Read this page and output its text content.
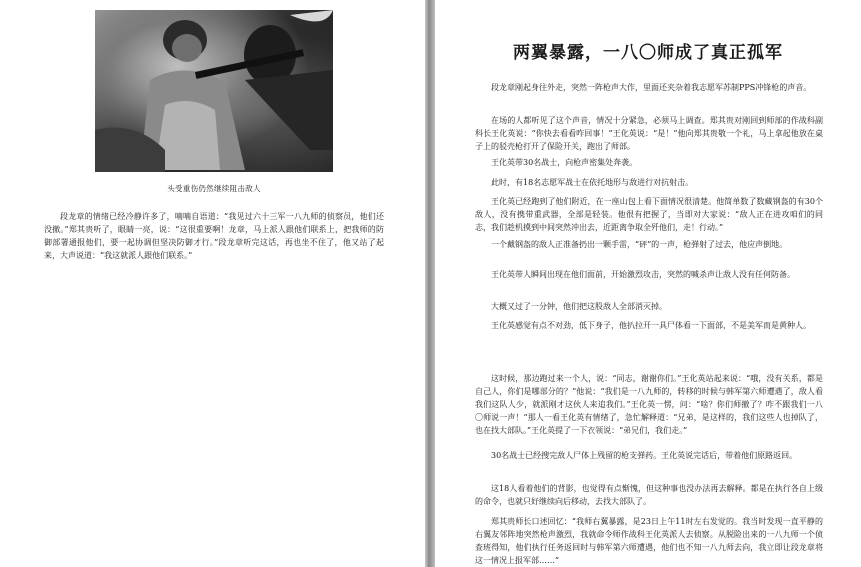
头受重伤仍然继续阻击敌人

段龙章的情绪已经冷静许多了，喃喃自语道：“我见过六十三军一八九师的侦察员，他们还没撤。”郑其贵听了，眼睛一亮，说：“这很重要啊！龙章，马上派人跟他们联系上，把我师的防御部署通报他们，要一起协调但坚决防御才行。”段龙章听完这话，再也坐不住了，他又站了起来，大声说道：“我这就派人跟他们联系。”

两翼暴露，一八〇师成了真正孤军

段龙章刚起身往外走，突然一阵枪声大作，里面还夹杂着我志愿军苏制PPS冲锋枪的声音。

在场的人都听见了这个声音，情况十分紧急，必须马上调查。郑其贵对刚回到师部的作战科副科长王化英说：“你快去看看咋回事！”王化英说：“是！”他向郑其贵敬一个礼，马上拿起他放在桌子上的驳壳枪打开了保险开关，跑出了师部。

王化英带30名战士，向枪声密集处奔袭。

此时，有18名志愿军战士在依托地形与敌进行对抗射击。

王化英已经跑到了他们附近，在一座山包上看下面情况很清楚。他简单数了数藏钢盔的有30个敌人，没有携带重武器，全部是轻装。他很有把握了，当即对大家说：“敌人正在进攻咱们的同志，我们趁机摸到中间突然冲出去，近距离争取全歼他们，走！行动。”

一个戴钢盔的敌人正准备扔出一颗手雷，“砰”的一声，枪弹射了过去，他应声倒地。

王化英带人瞬间出现在他们面前，开始激烈攻击，突然的喊杀声让敌人没有任何防备。

大概又过了一分钟，他们把这股敌人全部消灭掉。

王化英感觉有点不对劲，低下身子，他扒拉开一具尸体看一下面部，不是美军而是黄种人。

这时候，那边跑过来一个人，说：“同志，谢谢你们。”王化英站起来说：“哦，没有关系，都是自己人，你们是哪部分的？”他说：“我们是一八九师的，转移的时候与韩军第六师遭遇了，敌人看我们这队人少，就派刚才这伙人来追我们。”王化英一愣，问：“啥？你们师撤了？咋不跟我们一八〇师说一声！”那人一看王化英有情绪了，急忙解释道：“兄弟，是这样的，我们这些人也掉队了，也在找大部队。”王化英提了一下衣领说：“弟兄们，我们走。”

30名战士已经搜完敌人尸体上残留的枪支弹药。王化英说完话后，带着他们原路返回。

这18人看着他们的背影，也觉得有点惭愧，但这种事也没办法再去解释。都是在执行各自上级的命令，也就只好继续向后移动，去找大部队了。

郑其贵师长口述回忆：“我师右翼暴露，是23日上午11时左右发觉的。我当时发现一直平静的右翼友邻阵地突然枪声激烈，我就命令师作战科王化英派人去侦察。从脱险出来的一八九师一个侦查班得知，他们执行任务返回时与韩军第六师遭遇，他们也不知一八九师去向，我立即让段龙章将这一情况上报军部……”
